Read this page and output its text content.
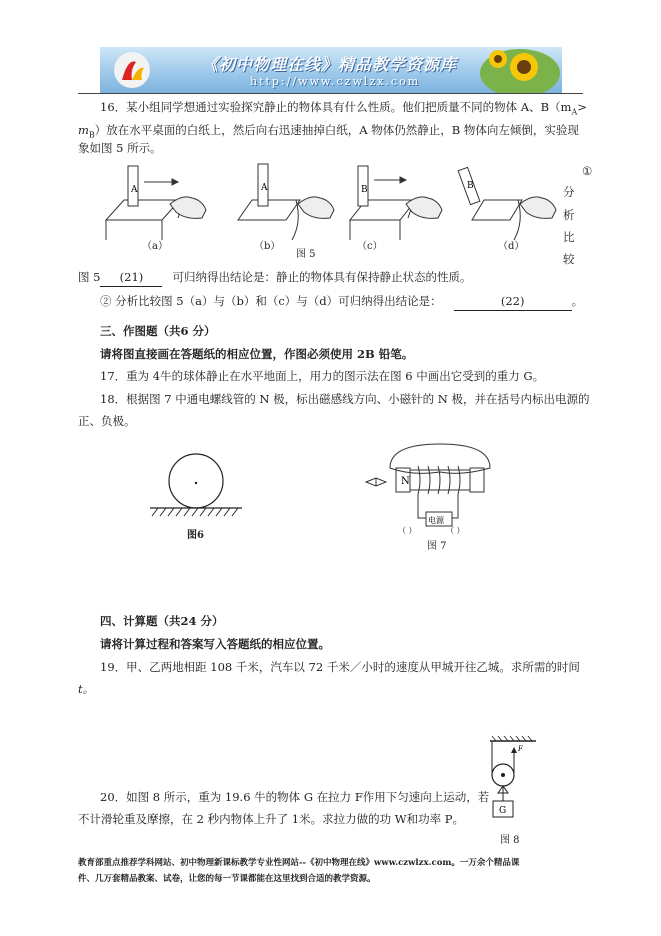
《初中物理在线》精品教学资源库
http://www.czwlzx.com
16．某小组同学想通过实验探究静止的物体具有什么性质。他们把质量不同的物体 A、$B(m_A>$
$m_B$）放在水平桌面的白纸上，然后向右迅速抽掉白纸，A 物体仍然静止，B 物体向左倾倒，实验现
象如图 5 所示。
A	A	B	B
（a）	（b）
图 5
（c）	（d）
①
分
析
比
较
图 5 (21)	可归纳得出结论是：静止的物体具有保持静止状态的性质。
② 分析比较图 5（a）与（b）和（c）与（d）可归纳得出结论是：	(22)	。
三、作图题（共6 分）
请将图直接画在答题纸的相应位置，作图必须使用 2B 铅笔。
17．重为 4牛的球体静止在水平地面上，用力的图示法在图 6 中画出它受到的重力 G。
18．根据图 7 中通电螺线管的 N 极，标出磁感线方向、小磁针的 N 极，并在括号内标出电源的
正、负极。
图6
N
电源
（ ）	（ ）
图 7
四、计算题（共24 分）
请将计算过程和答案写入答题纸的相应位置。
19．甲、乙两地相距 108 千米，汽车以 72 千米／小时的速度从甲城开往乙城。求所需的时间
t。
20．如图 8 所示，重为 19.6 牛的物体 G 在拉力 F作用下匀速向上运动，若
不计滑轮重及摩擦，在 2 秒内物体上升了 1米。求拉力做的功 W和功率 P。
F
G
图 8
教育部重点推荐学科网站、初中物理新课标教学专业性网站--《初中物理在线》www.czwlzx.com。一万余个精品课
件、几万套精品教案、试卷，让您的每一节课都能在这里找到合适的教学资源。
